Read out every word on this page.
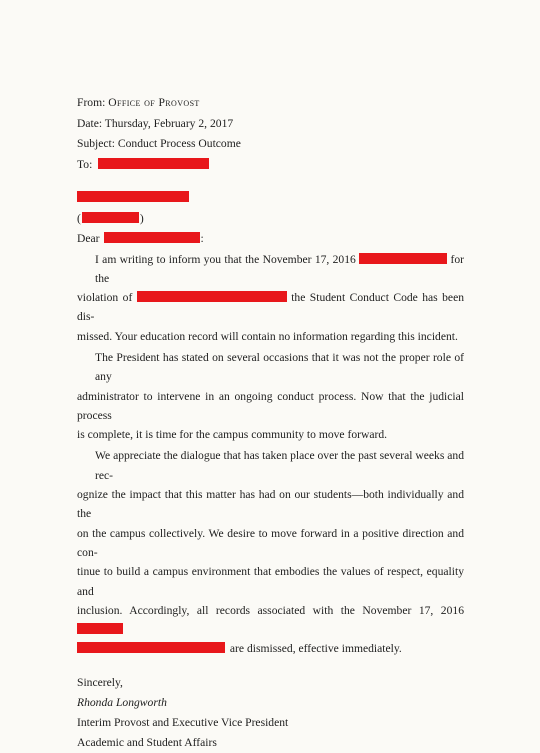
From: Office of Provost
Date: Thursday, February 2, 2017
Subject: Conduct Process Outcome
To:
(	)
Dear	:
I am writing to inform you that the November 17, 2016	for the
violation of	the Student Conduct Code has been dis-
missed. Your education record will contain no information regarding this incident.
The President has stated on several occasions that it was not the proper role of any
administrator to intervene in an ongoing conduct process. Now that the judicial process
is complete, it is time for the campus community to move forward.
We appreciate the dialogue that has taken place over the past several weeks and rec-
ognize the impact that this matter has had on our students—both individually and the
on the campus collectively. We desire to move forward in a positive direction and con-
tinue to build a campus environment that embodies the values of respect, equality and
inclusion. Accordingly, all records associated with the November 17, 2016
are dismissed, effective immediately.
Sincerely,
Rhonda Longworth
Interim Provost and Executive Vice President
Academic and Student Affairs
